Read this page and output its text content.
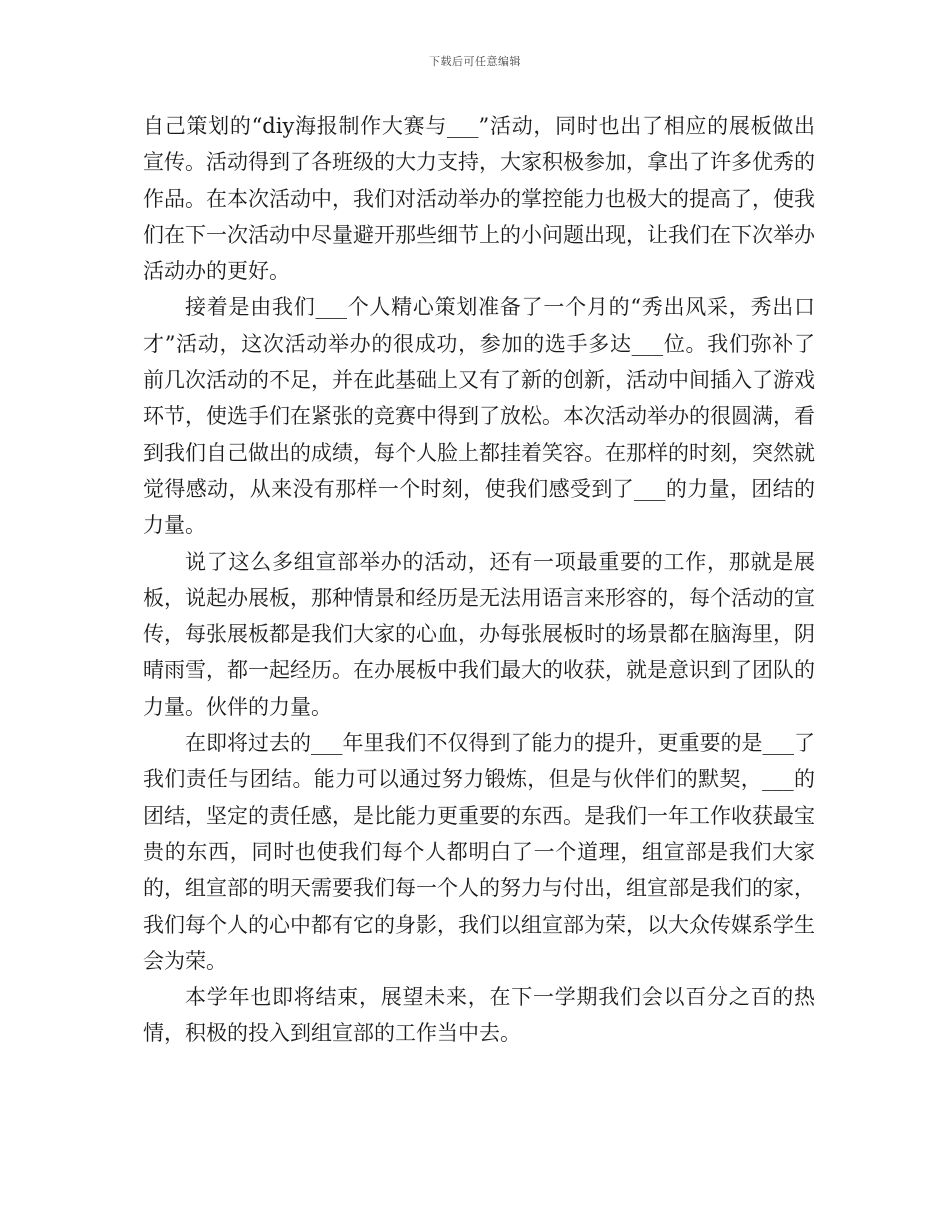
下载后可任意编辑

自己策划的“diy海报制作大赛与___”活动，同时也出了相应的展板做出宣传。活动得到了各班级的大力支持，大家积极参加，拿出了许多优秀的作品。在本次活动中，我们对活动举办的掌控能力也极大的提高了，使我们在下一次活动中尽量避开那些细节上的小问题出现，让我们在下次举办活动办的更好。

接着是由我们___个人精心策划准备了一个月的“秀出风采，秀出口才”活动，这次活动举办的很成功，参加的选手多达___位。我们弥补了前几次活动的不足，并在此基础上又有了新的创新，活动中间插入了游戏环节，使选手们在紧张的竞赛中得到了放松。本次活动举办的很圆满，看到我们自己做出的成绩，每个人脸上都挂着笑容。在那样的时刻，突然就觉得感动，从来没有那样一个时刻，使我们感受到了___的力量，团结的力量。

说了这么多组宣部举办的活动，还有一项最重要的工作，那就是展板，说起办展板，那种情景和经历是无法用语言来形容的，每个活动的宣传，每张展板都是我们大家的心血，办每张展板时的场景都在脑海里，阴晴雨雪，都一起经历。在办展板中我们最大的收获，就是意识到了团队的力量。伙伴的力量。

在即将过去的___年里我们不仅得到了能力的提升，更重要的是___了我们责任与团结。能力可以通过努力锻炼，但是与伙伴们的默契，___的团结，坚定的责任感，是比能力更重要的东西。是我们一年工作收获最宝贵的东西，同时也使我们每个人都明白了一个道理，组宣部是我们大家的，组宣部的明天需要我们每一个人的努力与付出，组宣部是我们的家，我们每个人的心中都有它的身影，我们以组宣部为荣，以大众传媒系学生会为荣。

本学年也即将结束，展望未来，在下一学期我们会以百分之百的热情，积极的投入到组宣部的工作当中去。
